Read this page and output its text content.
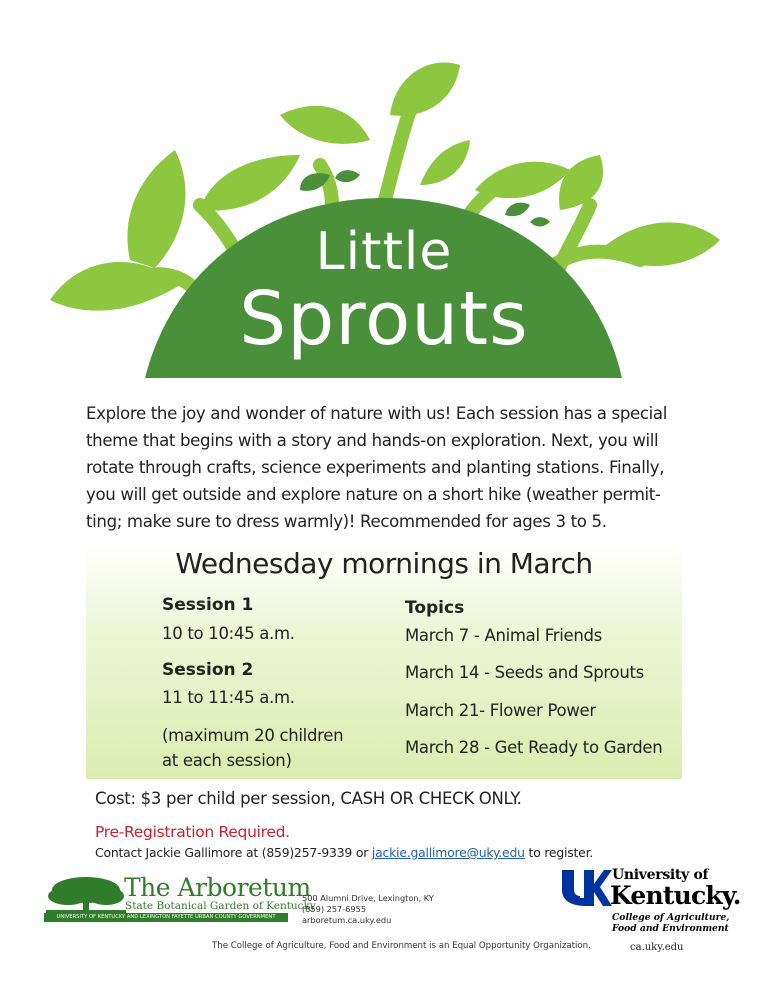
Little
Sprouts
Explore the joy and wonder of nature with us! Each session has a special
theme that begins with a story and hands-on exploration. Next, you will
rotate through crafts, science experiments and planting stations. Finally,
you will get outside and explore nature on a short hike (weather permit-
ting; make sure to dress warmly)! Recommended for ages 3 to 5.
Wednesday mornings in March
Session 1
10 to 10:45 a.m.
Session 2
11 to 11:45 a.m.
(maximum 20 children
at each session)
Topics
March 7 - Animal Friends
March 14 - Seeds and Sprouts
March 21- Flower Power
March 28 - Get Ready to Garden
Cost: $3 per child per session, CASH OR CHECK ONLY.
Pre-Registration Required.
Contact Jackie Gallimore at (859)257-9339 or jackie.gallimore@uky.edu to register.
The Arboretum
State Botanical Garden of Kentucky
UNIVERSITY OF KENTUCKY AND LEXINGTON FAYETTE URBAN COUNTY GOVERNMENT
500 Alumni Drive, Lexington, KY
(859) 257-6955
arboretum.ca.uky.edu
University of
Kentucky.
College of Agriculture,
Food and Environment
The College of Agriculture, Food and Environment is an Equal Opportunity Organization.	ca.uky.edu
